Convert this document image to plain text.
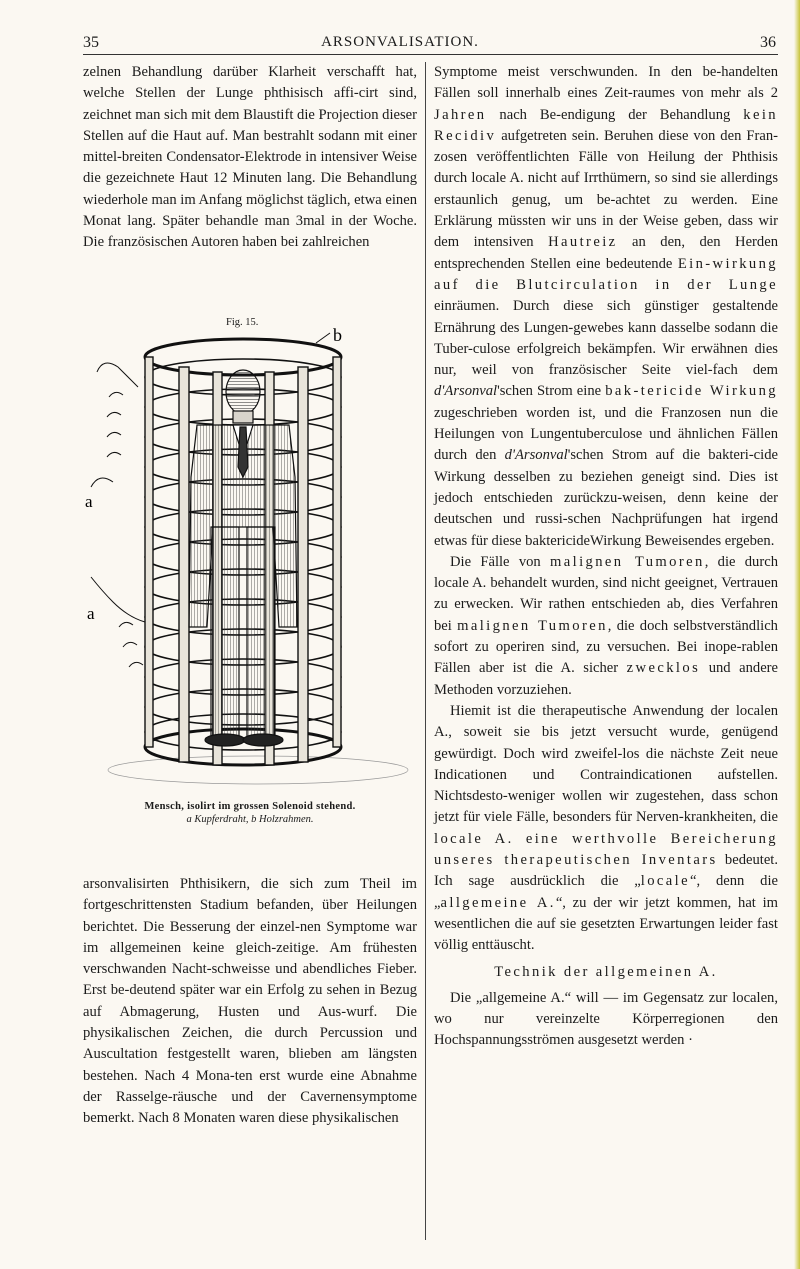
35	ARSONVALISATION.	36

zelnen Behandlung darüber Klarheit verschafft hat, welche Stellen der Lunge phthisisch affi-cirt sind, zeichnet man sich mit dem Blaustift die Projection dieser Stellen auf die Haut auf. Man bestrahlt sodann mit einer mittel-breiten Condensator-Elektrode in intensiver Weise die gezeichnete Haut 12 Minuten lang. Die Behandlung wiederhole man im Anfang möglichst täglich, etwa einen Monat lang. Später behandle man 3mal in der Woche. Die französischen Autoren haben bei zahlreichen

Fig. 15.
b
a
a
Mensch, isolirt im grossen Solenoid stehend.
a Kupferdraht, b Holzrahmen.

arsonvalisirten Phthisikern, die sich zum Theil im fortgeschrittensten Stadium befanden, über Heilungen berichtet. Die Besserung der einzel-nen Symptome war im allgemeinen keine gleich-zeitige. Am frühesten verschwanden Nacht-schweisse und abendliches Fieber. Erst be-deutend später war ein Erfolg zu sehen in Bezug auf Abmagerung, Husten und Aus-wurf. Die physikalischen Zeichen, die durch Percussion und Auscultation festgestellt waren, blieben am längsten bestehen. Nach 4 Mona-ten erst wurde eine Abnahme der Rasselge-räusche und der Cavernensymptome bemerkt. Nach 8 Monaten waren diese physikalischen

Symptome meist verschwunden. In den be-handelten Fällen soll innerhalb eines Zeit-raumes von mehr als 2 Jahren nach Be-endigung der Behandlung kein Recidiv aufgetreten sein. Beruhen diese von den Fran-zosen veröffentlichten Fälle von Heilung der Phthisis durch locale A. nicht auf Irrthümern, so sind sie allerdings erstaunlich genug, um be-achtet zu werden. Eine Erklärung müssten wir uns in der Weise geben, dass wir dem intensiven Hautreiz an den, den Herden entsprechenden Stellen eine bedeutende Ein-wirkung auf die Blutcirculation in der Lunge einräumen. Durch diese sich günstiger gestaltende Ernährung des Lungen-gewebes kann dasselbe sodann die Tuber-culose erfolgreich bekämpfen. Wir erwähnen dies nur, weil von französischer Seite viel-fach dem d'Arsonval'schen Strom eine bak-tericide Wirkung zugeschrieben worden ist, und die Franzosen nun die Heilungen von Lungentuberculose und ähnlichen Fällen durch den d'Arsonval'schen Strom auf die bakteri-cide Wirkung desselben zu beziehen geneigt sind. Dies ist jedoch entschieden zurückzu-weisen, denn keine der deutschen und russi-schen Nachprüfungen hat irgend etwas für diese baktericideWirkung Beweisendes ergeben.

Die Fälle von malignen Tumoren, die durch locale A. behandelt wurden, sind nicht geeignet, Vertrauen zu erwecken. Wir rathen entschieden ab, dies Verfahren bei malignen Tumoren, die doch selbstverständlich sofort zu operiren sind, zu versuchen. Bei inope-rablen Fällen aber ist die A. sicher zwecklos und andere Methoden vorzuziehen.

Hiemit ist die therapeutische Anwendung der localen A., soweit sie bis jetzt versucht wurde, genügend gewürdigt. Doch wird zweifel-los die nächste Zeit neue Indicationen und Contraindicationen aufstellen. Nichtsdesto-weniger wollen wir zugestehen, dass schon jetzt für viele Fälle, besonders für Nerven-krankheiten, die locale A. eine werthvolle Bereicherung unseres therapeutischen Inventars bedeutet. Ich sage ausdrücklich die „locale“, denn die „allgemeine A.“, zu der wir jetzt kommen, hat im wesentlichen die auf sie gesetzten Erwartungen leider fast völlig enttäuscht.

Technik der allgemeinen A.

Die „allgemeine A.“ will — im Gegensatz zur localen, wo nur vereinzelte Körperregionen den Hochspannungsströmen ausgesetzt werden ·
